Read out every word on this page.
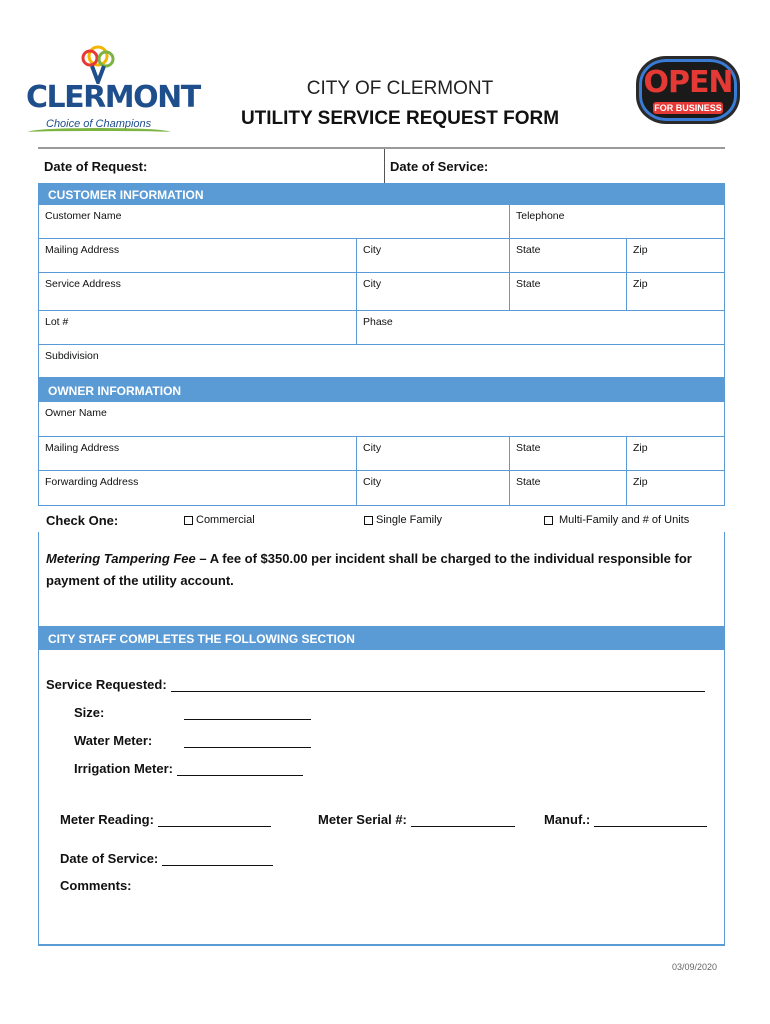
CLERMONT
Choice of Champions
CITY OF CLERMONT
UTILITY SERVICE REQUEST FORM
OPEN
FOR BUSINESS
Date of Request:	Date of Service:
CUSTOMER INFORMATION
Customer Name	Telephone
Mailing Address	City	State	Zip
Service Address	City	State	Zip
Lot #	Phase
Subdivision
OWNER INFORMATION
Owner Name
Mailing Address	City	State	Zip
Forwarding Address	City	State	Zip
Check One:	Commercial	Single Family	Multi-Family and # of Units
Metering Tampering Fee – A fee of $350.00 per incident shall be charged to the individual responsible for payment of the utility account.
CITY STAFF COMPLETES THE FOLLOWING SECTION
Service Requested:
Size:
Water Meter:
Irrigation Meter:
Meter Reading:	Meter Serial #:	Manuf.:
Date of Service:
Comments:
03/09/2020
